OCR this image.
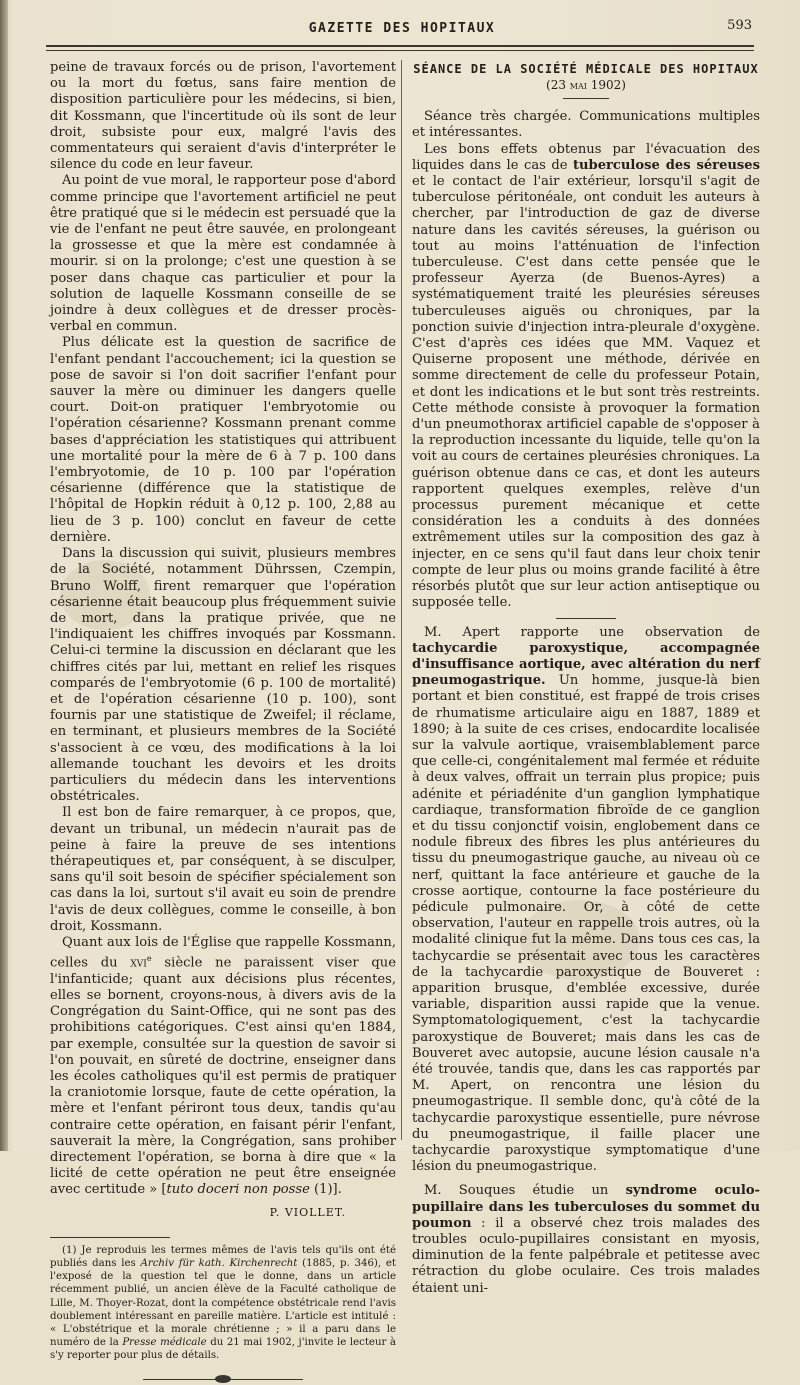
GAZETTE DES HOPITAUX	593

peine de travaux forcés ou de prison, l'avortement ou la mort du fœtus, sans faire mention de disposition particulière pour les médecins, si bien, dit Kossmann, que l'incertitude où ils sont de leur droit, subsiste pour eux, malgré l'avis des commentateurs qui seraient d'avis d'interpréter le silence du code en leur faveur.

Au point de vue moral, le rapporteur pose d'abord comme principe que l'avortement artificiel ne peut être pratiqué que si le médecin est persuadé que la vie de l'enfant ne peut être sauvée, en prolongeant la grossesse et que la mère est condamnée à mourir. si on la prolonge; c'est une question à se poser dans chaque cas particulier et pour la solution de laquelle Kossmann conseille de se joindre à deux collègues et de dresser procès-verbal en commun.

Plus délicate est la question de sacrifice de l'enfant pendant l'accouchement; ici la question se pose de savoir si l'on doit sacrifier l'enfant pour sauver la mère ou diminuer les dangers quelle court. Doit-on pratiquer l'embryotomie ou l'opération césarienne? Kossmann prenant comme bases d'appréciation les statistiques qui attribuent une mortalité pour la mère de 6 à 7 p. 100 dans l'embryotomie, de 10 p. 100 par l'opération césarienne (différence que la statistique de l'hôpital de Hopkin réduit à 0,12 p. 100, 2,88 au lieu de 3 p. 100) conclut en faveur de cette dernière.

Dans la discussion qui suivit, plusieurs membres de la Société, notamment Dührssen, Czempin, Bruno Wolff, firent remarquer que l'opération césarienne était beaucoup plus fréquemment suivie de mort, dans la pratique privée, que ne l'indiquaient les chiffres invoqués par Kossmann. Celui-ci termine la discussion en déclarant que les chiffres cités par lui, mettant en relief les risques comparés de l'embryotomie (6 p. 100 de mortalité) et de l'opération césarienne (10 p. 100), sont fournis par une statistique de Zweifel; il réclame, en terminant, et plusieurs membres de la Société s'associent à ce vœu, des modifications à la loi allemande touchant les devoirs et les droits particuliers du médecin dans les interventions obstétricales.

Il est bon de faire remarquer, à ce propos, que, devant un tribunal, un médecin n'aurait pas de peine à faire la preuve de ses intentions thérapeutiques et, par conséquent, à se disculper, sans qu'il soit besoin de spécifier spécialement son cas dans la loi, surtout s'il avait eu soin de prendre l'avis de deux collègues, comme le conseille, à bon droit, Kossmann.

Quant aux lois de l'Église que rappelle Kossmann, celles du xvi$^e$ siècle ne paraissent viser que l'infanticide; quant aux décisions plus récentes, elles se bornent, croyons-nous, à divers avis de la Congrégation du Saint-Office, qui ne sont pas des prohibitions catégoriques. C'est ainsi qu'en 1884, par exemple, consultée sur la question de savoir si l'on pouvait, en sûreté de doctrine, enseigner dans les écoles catholiques qu'il est permis de pratiquer la craniotomie lorsque, faute de cette opération, la mère et l'enfant périront tous deux, tandis qu'au contraire cette opération, en faisant périr l'enfant, sauverait la mère, la Congrégation, sans prohiber directement l'opération, se borna à dire que « la licité de cette opération ne peut être enseignée avec certitude » [tuto doceri non posse (1)].

P. VIOLLET.

(1) Je reproduis les termes mêmes de l'avis tels qu'ils ont été publiés dans les Archiv für kath. Kirchenrecht (1885, p. 346), et l'exposé de la question tel que le donne, dans un article récemment publié, un ancien élève de la Faculté catholique de Lille, M. Thoyer-Rozat, dont la compétence obstétricale rend l'avis doublement intéressant en pareille matière. L'article est intitulé : « L'obstétrique et la morale chrétienne ; » il a paru dans le numéro de la Presse médicale du 21 mai 1902, j'invite le lecteur à s'y reporter pour plus de détails.

SÉANCE DE LA SOCIÉTÉ MÉDICALE DES HOPITAUX

(23 mai 1902)

Séance très chargée. Communications multiples et intéressantes.

Les bons effets obtenus par l'évacuation des liquides dans le cas de tuberculose des séreuses et le contact de l'air extérieur, lorsqu'il s'agit de tuberculose péritonéale, ont conduit les auteurs à chercher, par l'introduction de gaz de diverse nature dans les cavités séreuses, la guérison ou tout au moins l'atténuation de l'infection tuberculeuse. C'est dans cette pensée que le professeur Ayerza (de Buenos-Ayres) a systématiquement traité les pleurésies séreuses tuberculeuses aiguës ou chroniques, par la ponction suivie d'injection intra-pleurale d'oxygène. C'est d'après ces idées que MM. Vaquez et Quiserne proposent une méthode, dérivée en somme directement de celle du professeur Potain, et dont les indications et le but sont très restreints. Cette méthode consiste à provoquer la formation d'un pneumothorax artificiel capable de s'opposer à la reproduction incessante du liquide, telle qu'on la voit au cours de certaines pleurésies chroniques. La guérison obtenue dans ce cas, et dont les auteurs rapportent quelques exemples, relève d'un processus purement mécanique et cette considération les a conduits à des données extrêmement utiles sur la composition des gaz à injecter, en ce sens qu'il faut dans leur choix tenir compte de leur plus ou moins grande facilité à être résorbés plutôt que sur leur action antiseptique ou supposée telle.

M. Apert rapporte une observation de tachycardie paroxystique, accompagnée d'insuffisance aortique, avec altération du nerf pneumogastrique. Un homme, jusque-là bien portant et bien constitué, est frappé de trois crises de rhumatisme articulaire aigu en 1887, 1889 et 1890; à la suite de ces crises, endocardite localisée sur la valvule aortique, vraisemblablement parce que celle-ci, congénitalement mal fermée et réduite à deux valves, offrait un terrain plus propice; puis adénite et périadénite d'un ganglion lymphatique cardiaque, transformation fibroïde de ce ganglion et du tissu conjonctif voisin, englobement dans ce nodule fibreux des fibres les plus antérieures du tissu du pneumogastrique gauche, au niveau où ce nerf, quittant la face antérieure et gauche de la crosse aortique, contourne la face postérieure du pédicule pulmonaire. Or, à côté de cette observation, l'auteur en rappelle trois autres, où la modalité clinique fut la même. Dans tous ces cas, la tachycardie se présentait avec tous les caractères de la tachycardie paroxystique de Bouveret : apparition brusque, d'emblée excessive, durée variable, disparition aussi rapide que la venue. Symptomatologiquement, c'est la tachycardie paroxystique de Bouveret; mais dans les cas de Bouveret avec autopsie, aucune lésion causale n'a été trouvée, tandis que, dans les cas rapportés par M. Apert, on rencontra une lésion du pneumogastrique. Il semble donc, qu'à côté de la tachycardie paroxystique essentielle, pure névrose du pneumogastrique, il faille placer une tachycardie paroxystique symptomatique d'une lésion du pneumogastrique.

M. Souques étudie un syndrome oculo-pupillaire dans les tuberculoses du sommet du poumon : il a observé chez trois malades des troubles oculo-pupillaires consistant en myosis, diminution de la fente palpébrale et petitesse avec rétraction du globe oculaire. Ces trois malades étaient uni-
